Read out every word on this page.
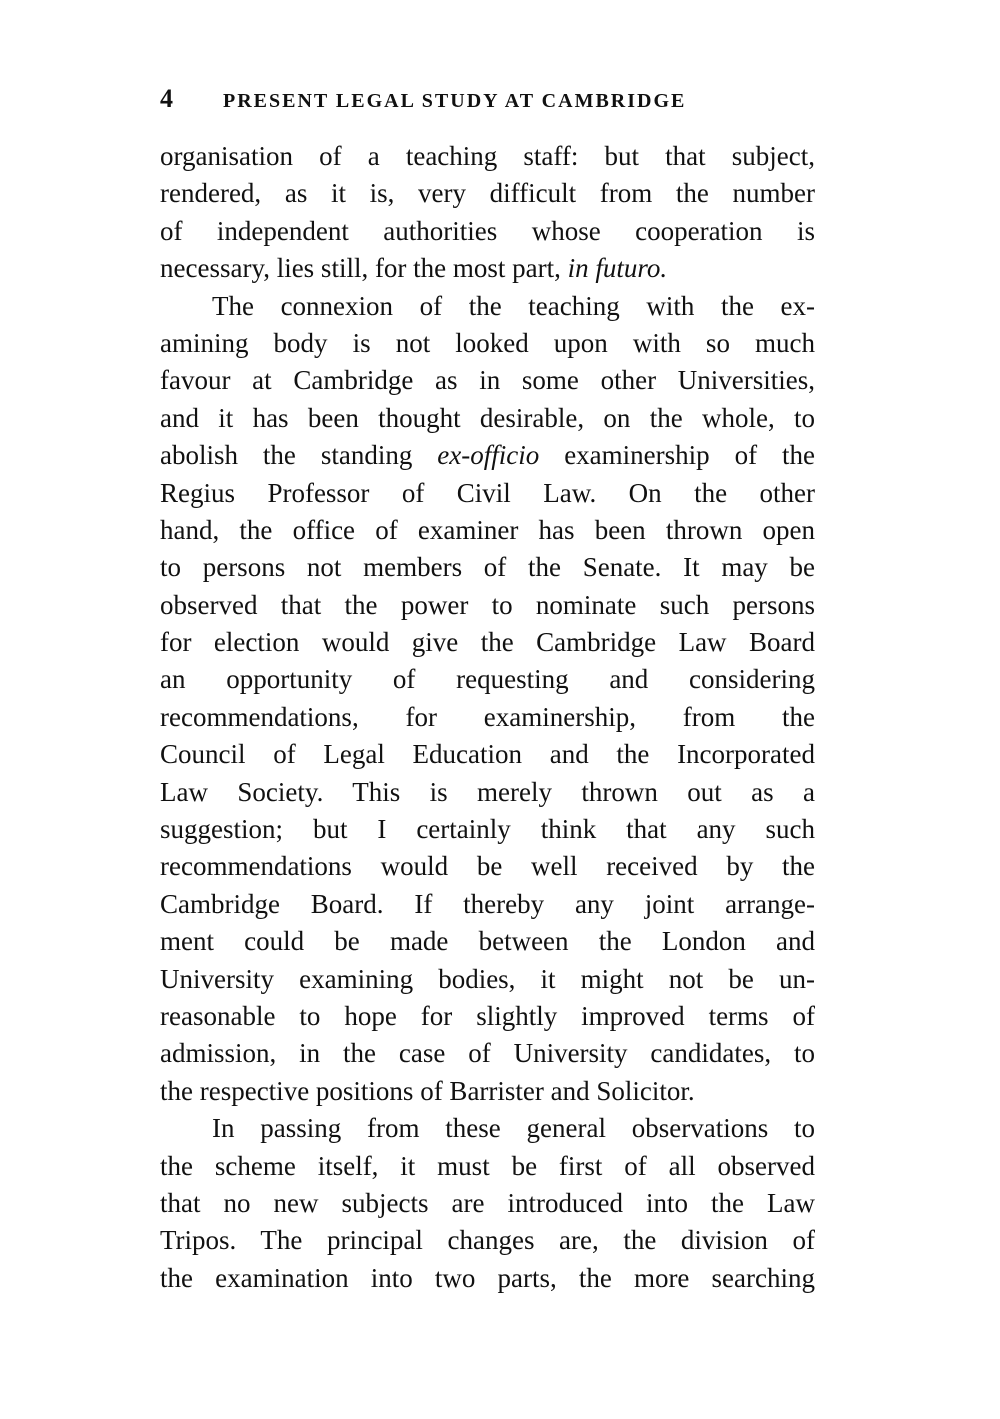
4	PRESENT LEGAL STUDY AT CAMBRIDGE
organisation of a teaching staff: but that subject,
rendered, as it is, very difficult from the number
of independent authorities whose cooperation is
necessary, lies still, for the most part, in futuro.
The connexion of the teaching with the ex-
amining body is not looked upon with so much
favour at Cambridge as in some other Universities,
and it has been thought desirable, on the whole, to
abolish the standing ex-officio examinership of the
Regius Professor of Civil Law. On the other
hand, the office of examiner has been thrown open
to persons not members of the Senate. It may be
observed that the power to nominate such persons
for election would give the Cambridge Law Board
an opportunity of requesting and considering
recommendations, for examinership, from the
Council of Legal Education and the Incorporated
Law Society. This is merely thrown out as a
suggestion; but I certainly think that any such
recommendations would be well received by the
Cambridge Board. If thereby any joint arrange-
ment could be made between the London and
University examining bodies, it might not be un-
reasonable to hope for slightly improved terms of
admission, in the case of University candidates, to
the respective positions of Barrister and Solicitor.
In passing from these general observations to
the scheme itself, it must be first of all observed
that no new subjects are introduced into the Law
Tripos. The principal changes are, the division of
the examination into two parts, the more searching
